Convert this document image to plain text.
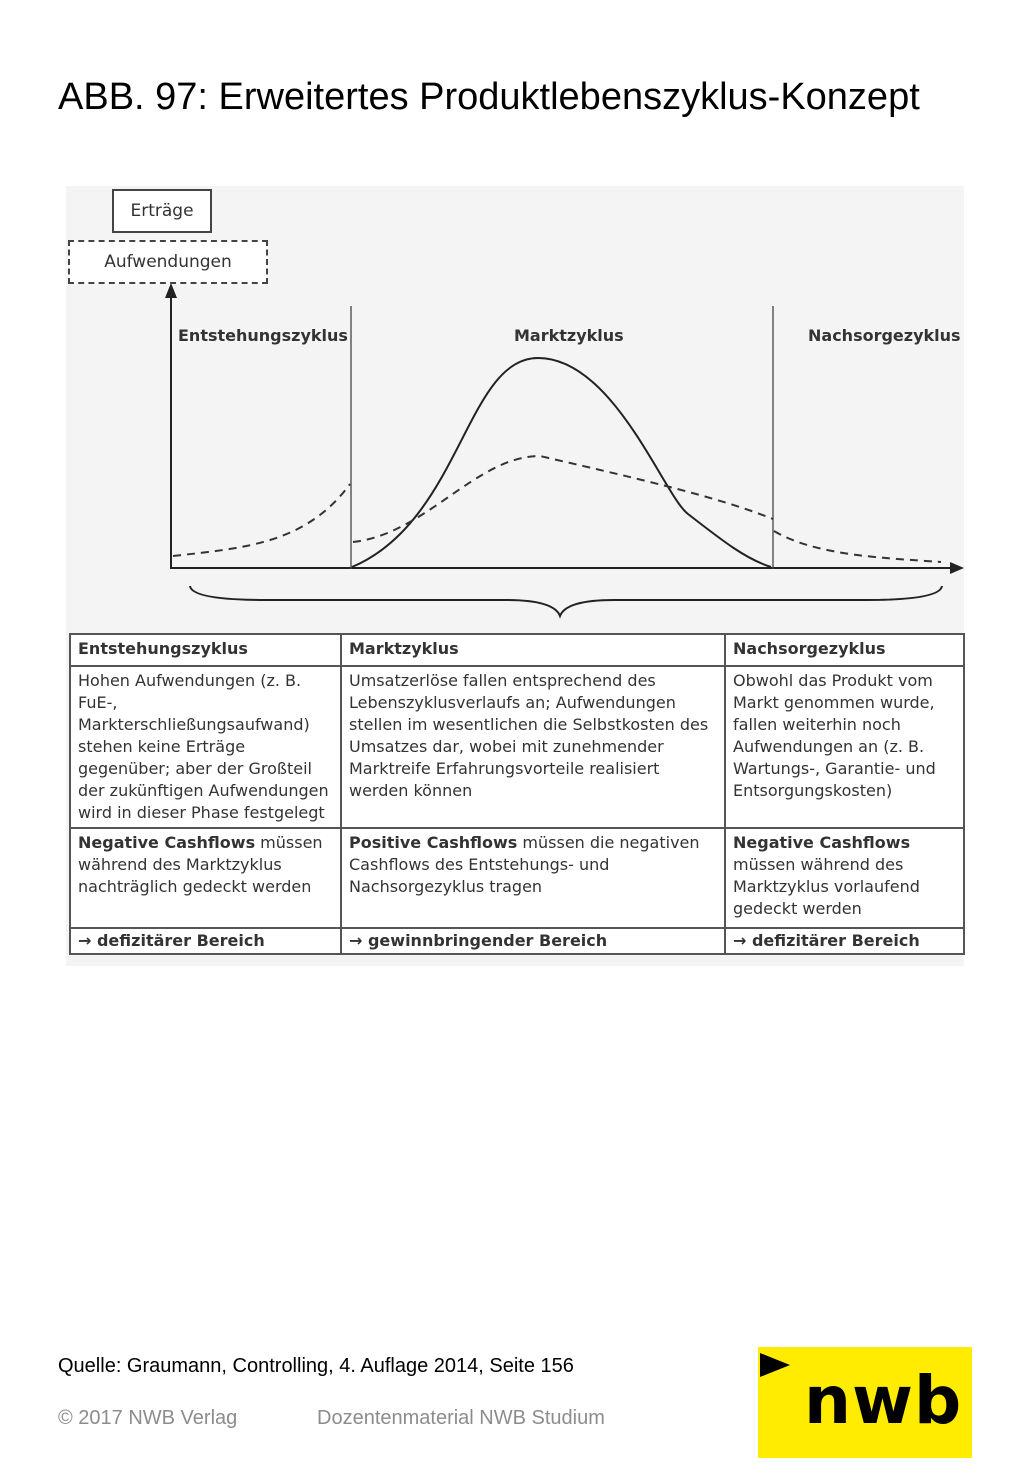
ABB. 97: Erweitertes Produktlebenszyklus-Konzept
Erträge
Aufwendungen
Entstehungszyklus	Marktzyklus	Nachsorgezyklus
Entstehungszyklus	Marktzyklus	Nachsorgezyklus
Hohen Aufwendungen (z. B. FuE-, Markterschließungsaufwand) stehen keine Erträge gegenüber; aber der Großteil der zukünftigen Aufwendungen wird in dieser Phase festgelegt	Umsatzerlöse fallen entsprechend des Lebenszyklusverlaufs an; Aufwendungen stellen im wesentlichen die Selbstkosten des Umsatzes dar, wobei mit zunehmender Marktreife Erfahrungsvorteile realisiert werden können	Obwohl das Produkt vom Markt genommen wurde, fallen weiterhin noch Aufwendungen an (z. B. Wartungs-, Garantie- und Entsorgungskosten)
Negative Cashflows müssen während des Marktzyklus nachträglich gedeckt werden	Positive Cashflows müssen die negativen Cashflows des Entstehungs- und Nachsorgezyklus tragen	Negative Cashflows müssen während des Marktzyklus vorlaufend gedeckt werden
→ defizitärer Bereich	→ gewinnbringender Bereich	→ defizitärer Bereich
Quelle: Graumann, Controlling, 4. Auflage 2014, Seite 156
© 2017 NWB Verlag	Dozentenmaterial NWB Studium	nwb
